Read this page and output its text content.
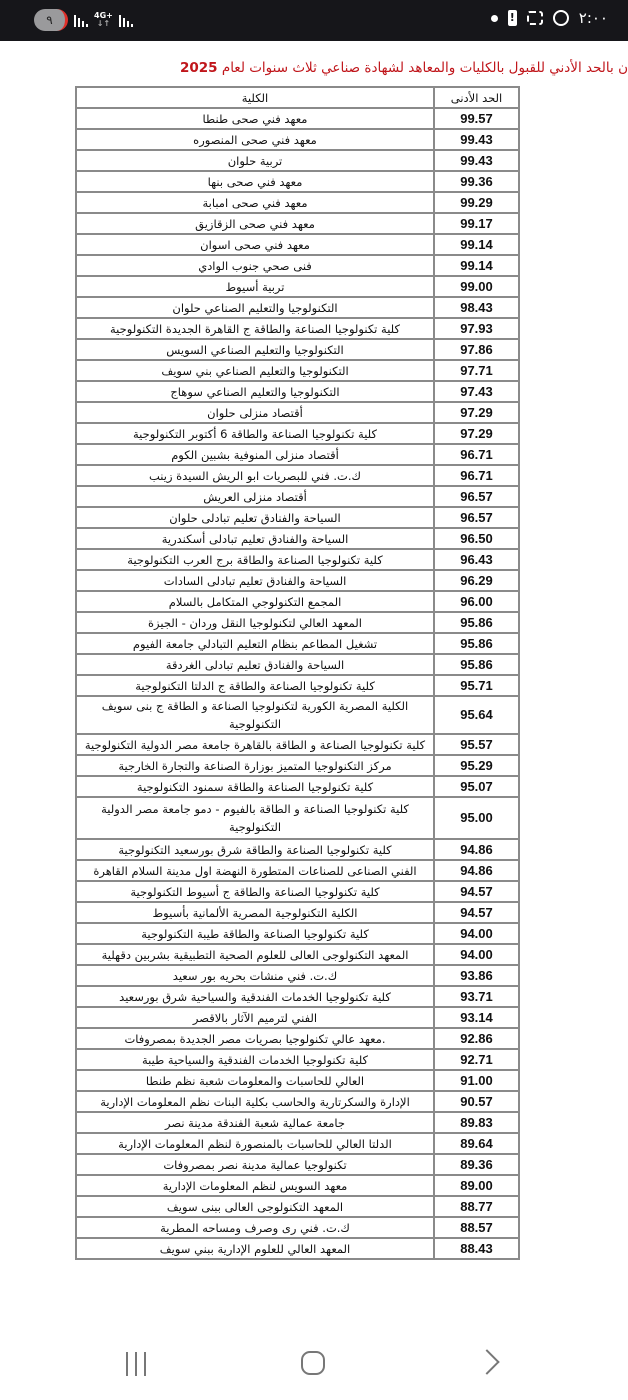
٩	4G+
↓↑ !	٢:٠٠
ن بالحد الأدني للقبول بالكليات والمعاهد لشهادة صناعي ثلاث سنوات لعام 2025
الحد الأدنى	الكلية
99.57	معهد فني صحى طنطا
99.43	معهد فني صحى المنصوره
99.43	تربية حلوان
99.36	معهد فني صحى بنها
99.29	معهد فني صحى امبابة
99.17	معهد فني صحى الزقازيق
99.14	معهد فني صحى اسوان
99.14	فنى صحي جنوب الوادي
99.00	تربية أسيوط
98.43	التكنولوجيا والتعليم الصناعي حلوان
97.93	كلية تكنولوجيا الصناعة والطاقة ج القاهرة الجديدة التكنولوجية
97.86	التكنولوجيا والتعليم الصناعي السويس
97.71	التكنولوجيا والتعليم الصناعي بني سويف
97.43	التكنولوجيا والتعليم الصناعي سوهاج
97.29	أقتصاد منزلى حلوان
97.29	كلية تكنولوجيا الصناعة والطاقة 6 أكتوبر التكنولوجية
96.71	أقتصاد منزلى المنوفية بشبين الكوم
96.71	ك.ت. فني للبصريات ابو الريش السيدة زينب
96.57	أقتصاد منزلى العريش
96.57	السياحة والفنادق تعليم تبادلى حلوان
96.50	السياحة والفنادق تعليم تبادلى أسكندرية
96.43	كلية تكنولوجيا الصناعة والطاقة برج العرب التكنولوجية
96.29	السياحة والفنادق تعليم تبادلى السادات
96.00	المجمع التكنولوجي المتكامل بالسلام
95.86	المعهد العالي لتكنولوجيا النقل وردان - الجيزة
95.86	تشغيل المطاعم بنظام التعليم التبادلي جامعة الفيوم
95.86	السياحة والفنادق تعليم تبادلى الغردقة
95.71	كلية تكنولوجيا الصناعة والطاقة ج الدلتا التكنولوجية
95.64	الكلية المصرية الكورية لتكنولوجيا الصناعة و الطاقة ج بنى سويف التكنولوجية
95.57	كلية تكنولوجيا الصناعة و الطاقة بالقاهرة جامعة مصر الدولية التكنولوجية
95.29	مركز التكنولوجيا المتميز بوزارة الصناعة والتجارة الخارجية
95.07	كلية تكنولوجيا الصناعة والطاقة سمنود التكنولوجية
95.00	كلية تكنولوجيا الصناعة و الطاقة بالفيوم - دمو جامعة مصر الدولية التكنولوجية
94.86	كلية تكنولوجيا الصناعة والطاقة شرق بورسعيد التكنولوجية
94.86	الفني الصناعى للصناعات المتطورة النهضة اول مدينة السلام القاهرة
94.57	كلية تكنولوجيا الصناعة والطاقة ج أسيوط التكنولوجية
94.57	الكلية التكنولوجية المصرية الألمانية بأسيوط
94.00	كلية تكنولوجيا الصناعة والطاقة طيبة التكنولوجية
94.00	المعهد التكنولوجى العالى للعلوم الصحية التطبيقية بشربين دقهلية
93.86	ك.ت. فني منشات بحريه بور سعيد
93.71	كلية تكنولوجيا الخدمات الفندقية والسياحية شرق بورسعيد
93.14	الفني لترميم الآثار بالاقصر
92.86	.معهد عالي تكنولوجيا بصريات مصر الجديدة بمصروفات
92.71	كلية تكنولوجيا الخدمات الفندقية والسياحية طيبة
91.00	العالي للحاسبات والمعلومات شعبة نظم طنطا
90.57	الإدارة والسكرتارية والحاسب بكلية البنات نظم المعلومات الإدارية
89.83	جامعة عمالية شعبة الفندقة مدينة نصر
89.64	الدلتا العالي للحاسبات بالمنصورة لنظم المعلومات الإدارية
89.36	تكنولوجيا عمالية مدينة نصر بمصروفات
89.00	معهد السويس لنظم المعلومات الإدارية
88.77	المعهد التكنولوجى العالى ببنى سويف
88.57	ك.ت. فني رى وصرف ومساحه المطرية
88.43	المعهد العالي للعلوم الإدارية ببني سويف
